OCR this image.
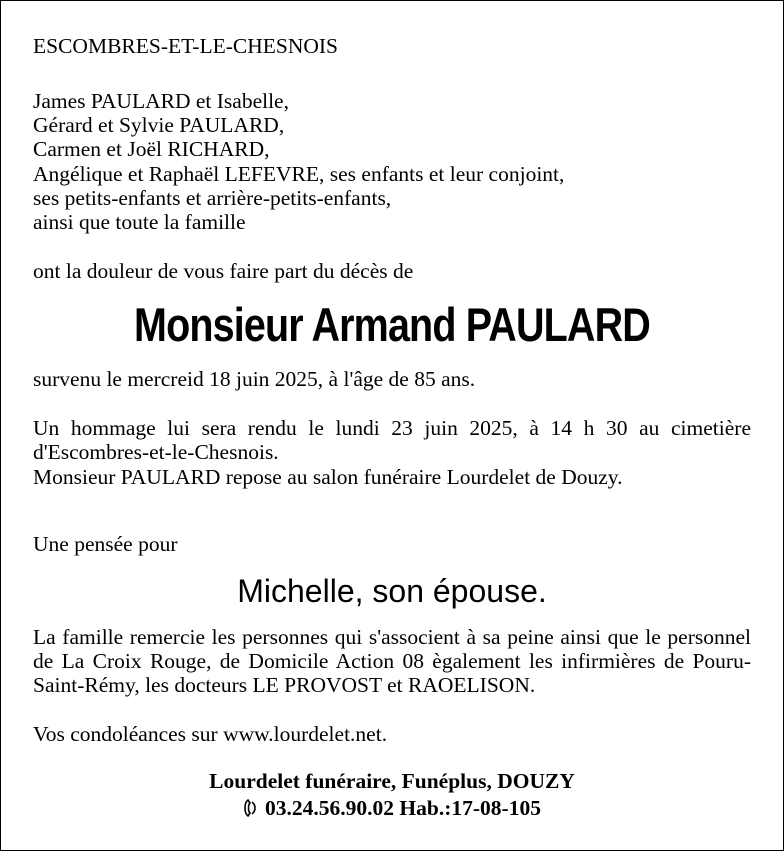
ESCOMBRES-ET-LE-CHESNOIS
James PAULARD et Isabelle,
Gérard et Sylvie PAULARD,
Carmen et Joël RICHARD,
Angélique et Raphaël LEFEVRE, ses enfants et leur conjoint,
ses petits-enfants et arrière-petits-enfants,
ainsi que toute la famille
ont la douleur de vous faire part du décès de
Monsieur Armand PAULARD
survenu le mercreid 18 juin 2025, à l'âge de 85 ans.
Un hommage lui sera rendu le lundi 23 juin 2025, à 14 h 30 au cimetière d'Escombres-et-le-Chesnois.
Monsieur PAULARD repose au salon funéraire Lourdelet de Douzy.
Une pensée pour
Michelle, son épouse.
La famille remercie les personnes qui s'associent à sa peine ainsi que le personnel de La Croix Rouge, de Domicile Action 08 ègalement les infirmières de Pouru-Saint-Rémy, les docteurs LE PROVOST et RAOELISON.
Vos condoléances sur www.lourdelet.net.
Lourdelet funéraire, Funéplus, DOUZY
03.24.56.90.02 Hab.:17-08-105
